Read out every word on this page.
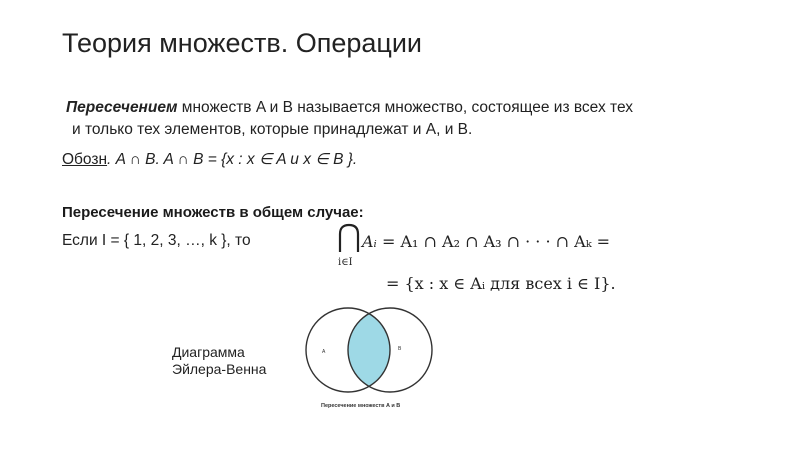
Теория множеств. Операции
Пересечением множеств A и B называется множество, состоящее из всех тех
и только тех элементов, которые принадлежат и A, и B.
Обозн. A ∩ B. A ∩ B = {x : x ∈ A и x ∈ B }.
Пересечение множеств в общем случае:
Если I = { 1, 2, 3, …, k }, то
i∈I
Aᵢ = A₁ ∩ A₂ ∩ A₃ ∩ · · · ∩ Aₖ =
= {x : x ∈ Aᵢ для всех i ∈ I}.
A	B
Пересечение множеств A и B
Диаграмма Эйлера-Венна
